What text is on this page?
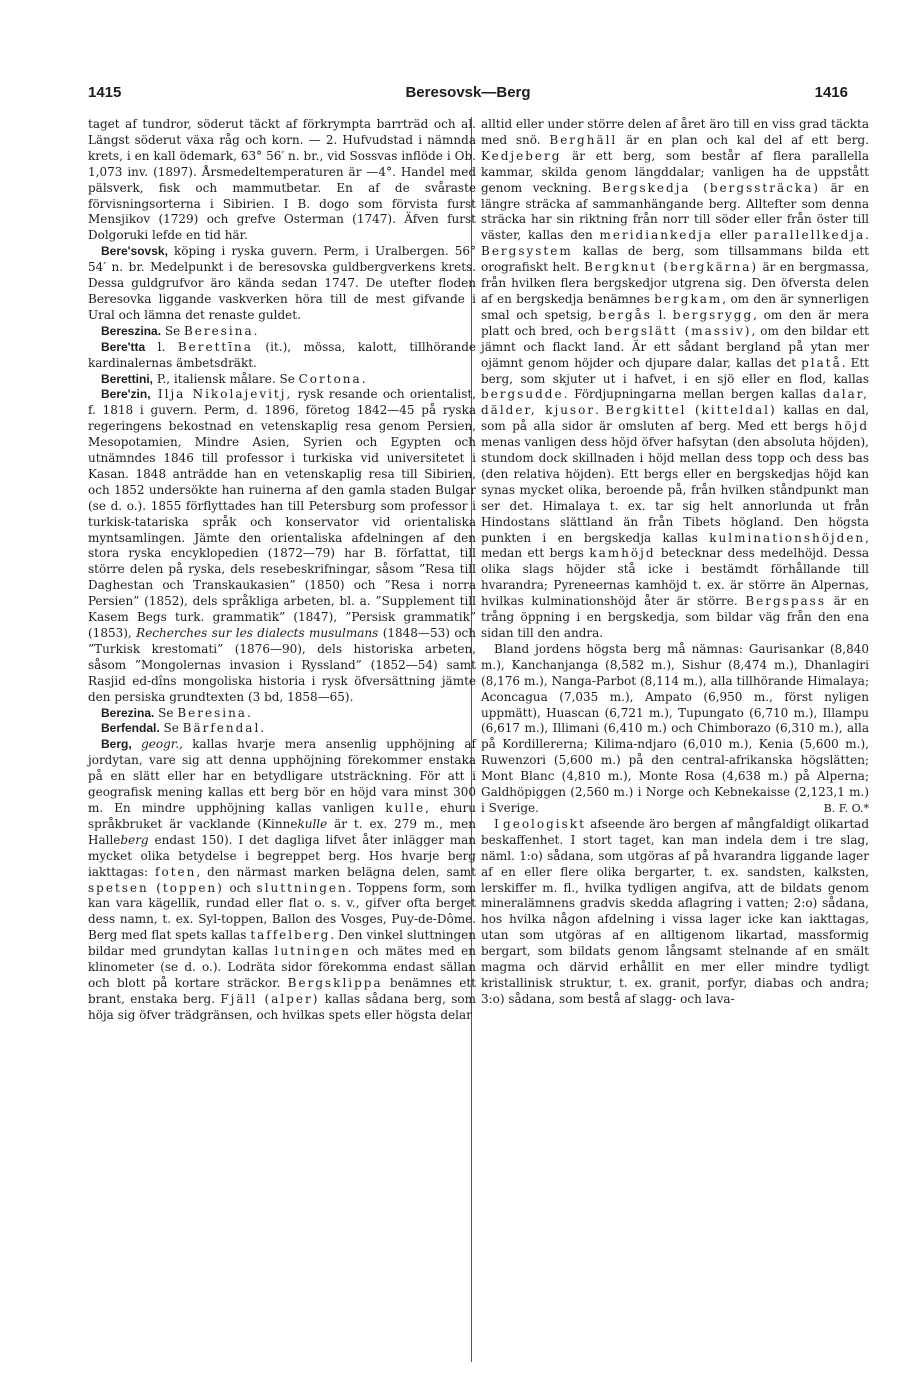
1415	Beresovsk—Berg	1416

taget af tundror, söderut täckt af förkrympta barrträd och al. Längst söderut växa råg och korn. — 2. Hufvudstad i nämnda krets, i en kall ödemark, 63° 56′ n. br., vid Sossvas inflöde i Ob. 1,073 inv. (1897). Årsmedeltemperaturen är —4°. Handel med pälsverk, fisk och mammutbetar. En af de svåraste förvisningsorterna i Sibirien. I B. dogo som förvista furst Mensjikov (1729) och grefve Osterman (1747). Äfven furst Dolgoruki lefde en tid här.

Bere'sovsk, köping i ryska guvern. Perm, i Uralbergen. 56° 54′ n. br. Medelpunkt i de beresovska guldbergverkens krets. Dessa guldgrufvor äro kända sedan 1747. De utefter floden Beresovka liggande vaskverken höra till de mest gifvande i Ural och lämna det renaste guldet.

Bereszina. Se Beresina.

Bere'tta l. Berettīna (it.), mössa, kalott, tillhörande kardinalernas ämbetsdräkt.

Berettini, P., italiensk målare. Se Cortona.

Bere'zin, Ilja Nikolajevitj, rysk resande och orientalist, f. 1818 i guvern. Perm, d. 1896, företog 1842—45 på ryska regeringens bekostnad en vetenskaplig resa genom Persien, Mesopotamien, Mindre Asien, Syrien och Egypten och utnämndes 1846 till professor i turkiska vid universitetet i Kasan. 1848 anträdde han en vetenskaplig resa till Sibirien, och 1852 undersökte han ruinerna af den gamla staden Bulgar (se d. o.). 1855 förflyttades han till Petersburg som professor i turkisk-tatariska språk och konservator vid orientaliska myntsamlingen. Jämte den orientaliska afdelningen af den stora ryska encyklopedien (1872—79) har B. författat, till större delen på ryska, dels resebeskrifningar, såsom ”Resa till Daghestan och Transkaukasien” (1850) och ”Resa i norra Persien” (1852), dels språkliga arbeten, bl. a. ”Supplement till Kasem Begs turk. grammatik” (1847), ”Persisk grammatik” (1853), Recherches sur les dialects musulmans (1848—53) och ”Turkisk krestomati” (1876—90), dels historiska arbeten, såsom ”Mongolernas invasion i Ryssland” (1852—54) samt Rasjid ed-dîns mongoliska historia i rysk öfversättning jämte den persiska grundtexten (3 bd, 1858—65).

Berezina. Se Beresina.

Berfendal. Se Bärfendal.

Berg, geogr., kallas hvarje mera ansenlig upphöjning af jordytan, vare sig att denna upphöjning förekommer enstaka på en slätt eller har en betydligare utsträckning. För att i geografisk mening kallas ett berg bör en höjd vara minst 300 m. En mindre upphöjning kallas vanligen kulle, ehuru språkbruket är vacklande (Kinnekulle är t. ex. 279 m., men Halleberg endast 150). I det dagliga lifvet åter inlägger man mycket olika betydelse i begreppet berg. Hos hvarje berg iakttagas: foten, den närmast marken belägna delen, samt spetsen (toppen) och sluttningen. Toppens form, som kan vara kägellik, rundad eller flat o. s. v., gifver ofta berget dess namn, t. ex. Syl-toppen, Ballon des Vosges, Puy-de-Dôme. Berg med flat spets kallas taffelberg. Den vinkel sluttningen bildar med grundytan kallas lutningen och mätes med en klinometer (se d. o.). Lodräta sidor förekomma endast sällan och blott på kortare sträckor. Bergsklippa benämnes ett brant, enstaka berg. Fjäll (alper) kallas sådana berg, som höja sig öfver trädgränsen, och hvilkas spets eller högsta delar

alltid eller under större delen af året äro till en viss grad täckta med snö. Berghäll är en plan och kal del af ett berg. Kedjeberg är ett berg, som består af flera parallella kammar, skilda genom längddalar; vanligen ha de uppstått genom veckning. Bergskedja (bergssträcka) är en längre sträcka af sammanhängande berg. Alltefter som denna sträcka har sin riktning från norr till söder eller från öster till väster, kallas den meridiankedja eller parallellkedja. Bergsystem kallas de berg, som tillsammans bilda ett orografiskt helt. Bergknut (bergkärna) är en bergmassa, från hvilken flera bergskedjor utgrena sig. Den öfversta delen af en bergskedja benämnes bergkam, om den är synnerligen smal och spetsig, bergås l. bergsrygg, om den är mera platt och bred, och bergslätt (massiv), om den bildar ett jämnt och flackt land. Är ett sådant bergland på ytan mer ojämnt genom höjder och djupare dalar, kallas det platå. Ett berg, som skjuter ut i hafvet, i en sjö eller en flod, kallas bergsudde. Fördjupningarna mellan bergen kallas dalar, dälder, kjusor. Bergkittel (kitteldal) kallas en dal, som på alla sidor är omsluten af berg. Med ett bergs höjd menas vanligen dess höjd öfver hafsytan (den absoluta höjden), stundom dock skillnaden i höjd mellan dess topp och dess bas (den relativa höjden). Ett bergs eller en bergskedjas höjd kan synas mycket olika, beroende på, från hvilken ståndpunkt man ser det. Himalaya t. ex. tar sig helt annorlunda ut från Hindostans slättland än från Tibets högland. Den högsta punkten i en bergskedja kallas kulminationshöjden, medan ett bergs kamhöjd betecknar dess medelhöjd. Dessa olika slags höjder stå icke i bestämdt förhållande till hvarandra; Pyreneernas kamhöjd t. ex. är större än Alpernas, hvilkas kulminationshöjd åter är större. Bergspass är en trång öppning i en bergskedja, som bildar väg från den ena sidan till den andra.

Bland jordens högsta berg må nämnas: Gaurisankar (8,840 m.), Kanchanjanga (8,582 m.), Sishur (8,474 m.), Dhanlagiri (8,176 m.), Nanga-Parbot (8,114 m.), alla tillhörande Himalaya; Aconcagua (7,035 m.), Ampato (6,950 m., först nyligen uppmätt), Huascan (6,721 m.), Tupungato (6,710 m.), Illampu (6,617 m.), Illimani (6,410 m.) och Chimborazo (6,310 m.), alla på Kordillererna; Kilima-ndjaro (6,010 m.), Kenia (5,600 m.), Ruwenzori (5,600 m.) på den central-afrikanska högslätten; Mont Blanc (4,810 m.), Monte Rosa (4,638 m.) på Alperna; Galdhöpiggen (2,560 m.) i Norge och Kebnekaisse (2,123,1 m.) i Sverige.	B. F. O.*

I geologiskt afseende äro bergen af mångfaldigt olikartad beskaffenhet. I stort taget, kan man indela dem i tre slag, näml. 1:o) sådana, som utgöras af på hvarandra liggande lager af en eller flere olika bergarter, t. ex. sandsten, kalksten, lerskiffer m. fl., hvilka tydligen angifva, att de bildats genom mineralämnens gradvis skedda aflagring i vatten; 2:o) sådana, hos hvilka någon afdelning i vissa lager icke kan iakttagas, utan som utgöras af en alltigenom likartad, massformig bergart, som bildats genom långsamt stelnande af en smält magma och därvid erhållit en mer eller mindre tydligt kristallinisk struktur, t. ex. granit, porfyr, diabas och andra; 3:o) sådana, som bestå af slagg- och lava-
